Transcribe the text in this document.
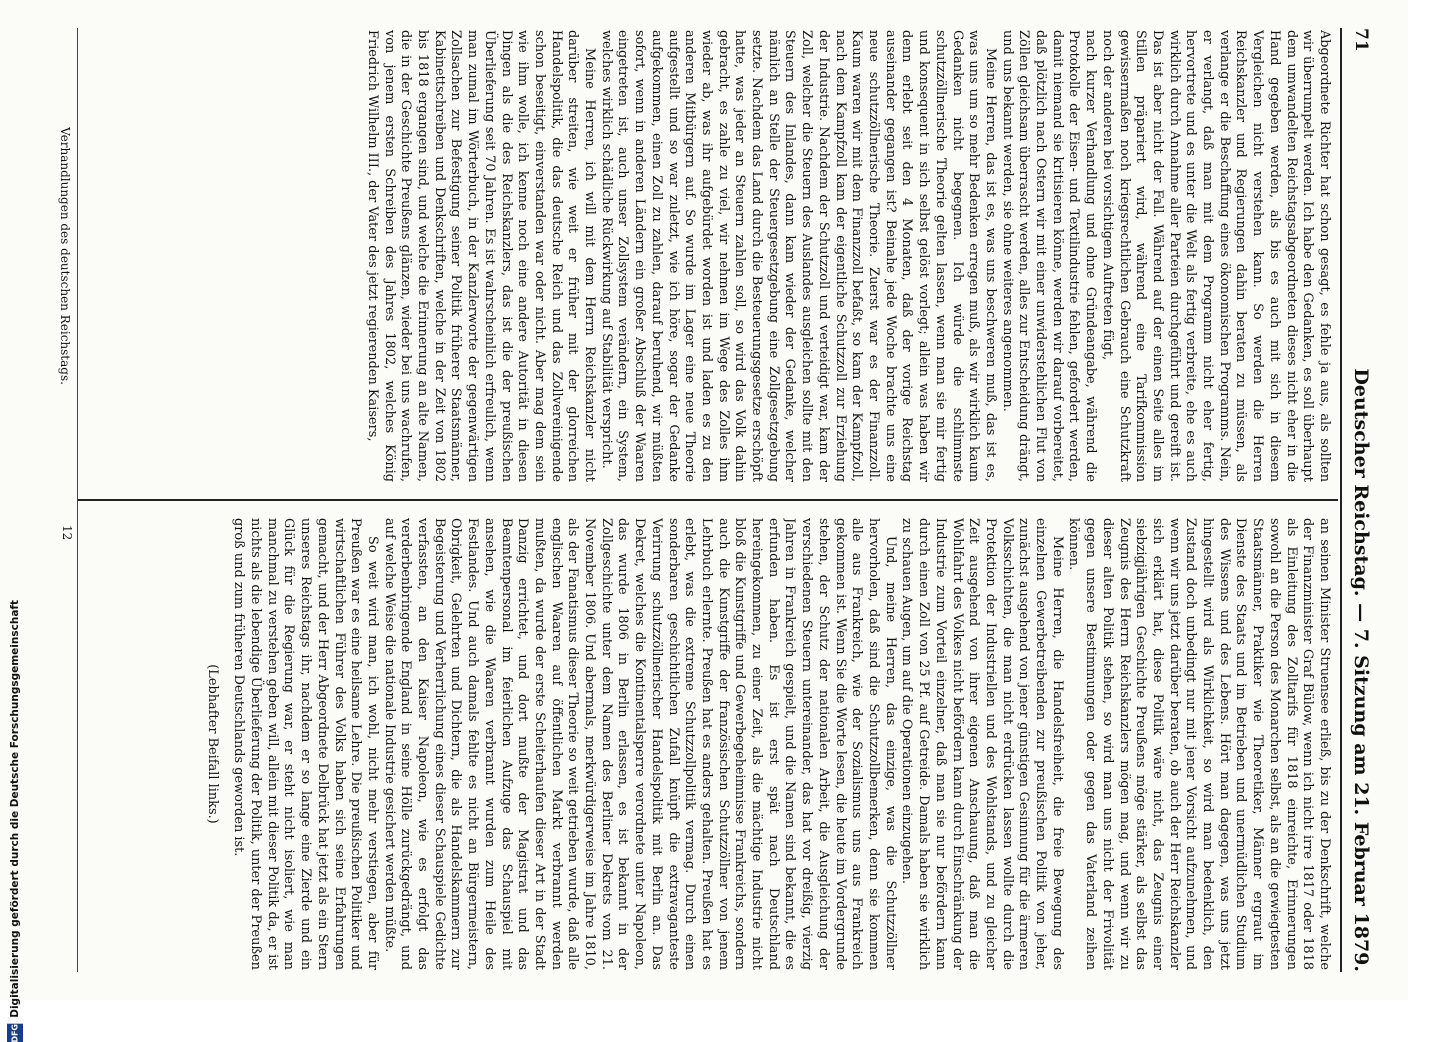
71
Deutscher Reichstag. — 7. Sitzung am 21. Februar 1879.

Abgeordnete Richter hat schon gesagt, es fehle ja aus, als sollten wir überrumpelt werden. Ich habe den Gedanken, es soll überhaupt dem umwandelten Reichstagsabgeordneten dieses nicht eher in die Hand gegeben werden, als bis es auch mit sich in diesem Vergleichen nicht verstehen kann. So werden die Herren Reichskanzler und Regierungen dahin beraten zu müssen, als verlange er die Beschaffung eines ökonomischen Programms. Nein, er verlangt, daß man mit dem Programm nicht eher fertig, hervortrete und es unter die Welt als fertig verbreite, ehe es auch wirklich durch Annahme aller Parteien durchgeführt und gereift ist. Das ist aber nicht der Fall. Während auf der einen Seite alles im Stillen präpariert wird, während eine Tarifkommission gewissermaßen noch kriegsrechtlichen Gebrauch eine Schutzkraft noch der anderen bei vorsichtigem Auftreten fügt,

nach kurzer Verhandlung und ohne Gründeangabe, während die Protokolle der Eisen- und Textilindustrie fehlen, gefordert werden, damit niemand sie kritisieren könne, werden wir darauf vorbereitet, daß plötzlich nach Ostern wir mit einer unwiderstehlichen Flut von Zöllen gleichsam überrascht werden, alles zur Entscheidung drängt, und uns bekannt werden, sie ohne weiteres angenommen.

Meine Herren, das ist es, was uns beschweren muß, das ist es, was uns um so mehr Bedenken erregen muß, als wir wirklich kaum Gedanken nicht begegnen. Ich würde die schlimmste schutzzöllnerische Theorie gelten lassen, wenn man sie mir fertig und konsequent in sich selbst gelöst vorlegt; allein was haben wir denn erlebt seit den 4 Monaten, daß der vorige Reichstag auseinander gegangen ist? Beinahe jede Woche brachte uns eine neue schutzzöllnerische Theorie. Zuerst war es der Finanzzoll. Kaum waren wir mit dem Finanzzoll befaßt, so kam der Kampfzoll, nach dem Kampfzoll kam der eigentliche Schutzzoll zur Erziehung der Industrie. Nachdem der Schutzzoll und verteidigt war, kam der Zoll, welcher die Steuern des Auslandes ausgleichen sollte mit den Steuern des Inlandes, dann kam wieder der Gedanke, welcher nämlich an Stelle der Steuergesetzgebung eine Zollgesetzgebung setzte. Nachdem das Land durch die Besteuerungsgesetze erschöpft hatte, was jeder an Steuern zahlen soll, so wird das Volk dahin gebracht, es zahle zu viel, wir nehmen im Wege des Zolles ihm wieder ab, was ihr aufgebürdet worden ist und laden es zu den anderen Mitbürgern auf. So wurde im Lager eine neue Theorie aufgestellt und so war zuletzt, wie ich höre, sogar der Gedanke aufgekommen, einen Zoll zu zahlen, darauf beruhend, wir müßten sofort, wenn in anderen Ländern ein großer Abschluß der Waaren eingetreten ist, auch unser Zollsystem verändern, ein System, welches wirklich schädliche Rückwirkung auf Stabilität verspricht.

Meine Herren, ich will mit dem Herrn Reichskanzler nicht darüber streiten, wie weit er früher mit der glorreichen Handelspolitik, die das deutsche Reich und das Zollvereinigende schon beseitigt, einverstanden war oder nicht. Aber mag dem sein wie ihm wolle, ich kenne noch eine andere Autorität in diesen Dingen als die des Reichskanzlers, das ist die der preußischen Überlieferung seit 70 Jahren. Es ist wahrscheinlich erfreulich, wenn man zumal im Wörterbuch, in der Kanzlerworte der gegenwärtigen Zollsachen zur Befestigung seiner Politik früherer Staatsmänner, Kabinettschreiben und Denkschriften, welche in der Zeit von 1802 bis 1818 ergangen sind, und welche die Erinnerung an alte Namen, die in der Geschichte Preußens glänzen, wieder bei uns wachrufen, von jenem ersten Schreiben des Jahres 1802, welches König Friedrich Wilhelm III., der Vater des jetzt regierenden Kaisers,

an seinen Minister Struensee erließ, bis zu der Denkschrift, welche der Finanzminister Graf Bülow, wenn ich nicht irre 1817 oder 1818 als Einleitung des Zolltarifs für 1818 einreichte, Erinnerungen sowohl an die Person des Monarchen selbst, als an die gewiegtesten Staatsmänner, Praktiker wie Theoretiker, Männer ergraut im Dienste des Staats und im Betrieben und unermüdlichen Studium des Wissens und des Lebens. Hört man dagegen, was uns jetzt hingestellt wird als Wirklichkeit, so wird man bedenklich, den Zustand doch unbedingt nur mit jener Vorsicht aufzunehmen, und wenn wir uns jetzt darüber beraten, ob auch der Herr Reichskanzler sich erklärt hat, diese Politik wäre nicht, das Zeugnis einer siebzigjährigen Geschichte Preußens möge stärker, als selbst das Zeugnis des Herrn Reichskanzlers mögen mag, und wenn wir zu dieser alten Politik stehen, so wird man uns nicht der Frivolität gegen unsere Bestimmungen oder gegen das Vaterland zeihen können.

Meine Herren, die Handelsfreiheit, die freie Bewegung des einzelnen Gewerbetreibenden zur preußischen Politik von jeher, zunächst ausgehend von jener günstigen Gesinnung für die ärmeren Volksschichten, die man nicht erdrücken lassen wollte durch die Protektion der Industriellen und des Wohlstands, und zu gleicher Zeit ausgehend von ihrer eigenen Anschauung, daß man die Wohlfahrt des Volkes nicht befördern kann durch Einschränkung der Industrie zum Vorteil einzelner, daß man sie nur befördern kann durch einen Zoll von 25 Pf. auf Getreide. Damals haben sie wirklich zu schauen Augen, um auf die Operationen einzugehen.

Und, meine Herren, das einzige, was die Schutzzöllner hervorholen, daß sind die Schutzzollbemerken, denn sie kommen alle aus Frankreich, wie der Sozialismus uns aus Frankreich gekommen ist. Wenn Sie die Worte lesen, die heute im Vordergrunde stehen, der Schutz der nationalen Arbeit, die Ausgleichung der verschiedenen Steuern untereinander, das hat vor dreißig, vierzig Jahren in Frankreich gespielt, und die Namen sind bekannt, die es erfunden haben. Es ist erst spät nach Deutschland hereingekommen, zu einer Zeit, als die mächtige Industrie nicht bloß die Kunstgriffe und Gewerbegeheimnisse Frankreichs, sondern auch die Kunstgriffe der französischen Schutzzöllner von jenem Lehrbuch erlernte. Preußen hat es anders gehalten. Preußen hat es erlebt, was die extreme Schutzzollpolitik vermag. Durch einen sonderbaren geschichtlichen Zufall knüpft die extravaganteste Verirrung schutzzöllnerischer Handelspolitik mit Berlin an. Das Dekret, welches die Kontinentalsperre verordnete unter Napoleon, das wurde 1806 in Berlin erlassen, es ist bekannt in der Zollgeschichte unter dem Namen des Berliner Dekrets vom 21. November 1806. Und abermals, merkwürdigerweise im Jahre 1810, als der Fanatismus dieser Theorie so weit getrieben wurde, daß alle englischen Waaren auf öffentlichen Markt verbrannt werden mußten, da wurde der erste Scheiterhaufen dieser Art in der Stadt Danzig errichtet, und dort mußte der Magistrat und das Beamtenpersonal im feierlichen Aufzuge das Schauspiel mit ansehen, wie die Waaren verbrannt wurden zum Heile des Festlandes. Und auch damals fehlte es nicht an Bürgermeistern, Obrigkeit, Gelehrten und Dichtern, die als Handelskammern zur Begeisterung und Verherrlichung eines dieser Schauspiele Gedichte verfassten, an den Kaiser Napoleon, wie es erfolgt das verderbenbringende England in seine Hölle zurückgedrängt, und auf welche Weise die nationale Industrie gesichert werden müßte.

So weit wird man, ich wohl, nicht mehr verstiegen, aber für Preußen war es eine heilsame Lehre. Die preußischen Politiker und wirtschaftlichen Führer des Volks haben sich seine Erfahrungen gemacht, und der Herr Abgeordnete Delbrück hat jetzt als ein Stern unseres Reichstags ihr, nachdem er so lange eine Zierde und ein Glück für die Regierung war, er steht nicht isoliert, wie man manchmal zu verstehen geben will, allein mit dieser Politik da, er ist nichts als die lebendige Überlieferung der Politik, unter der Preußen groß und zum früheren Deutschlands geworden ist.

(Lebhafter Beifall links.)

Verhandlungen des deutschen Reichstags.
12
Digitalisierung gefördert durch die Deutsche Forschungsgemeinschaft
DFG
